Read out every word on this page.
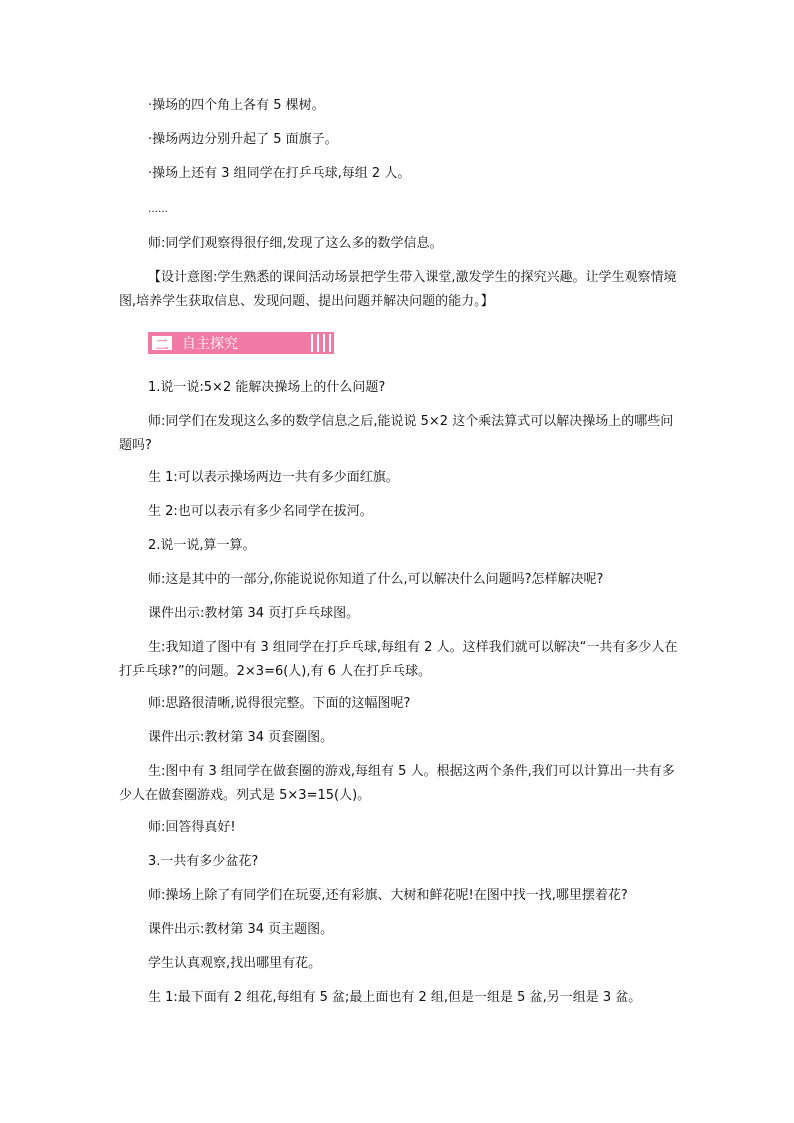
·操场的四个角上各有 5 棵树。

·操场两边分别升起了 5 面旗子。

·操场上还有 3 组同学在打乒乓球,每组 2 人。

……

师:同学们观察得很仔细,发现了这么多的数学信息。

【设计意图:学生熟悉的课间活动场景把学生带入课堂,激发学生的探究兴趣。让学生观察情境图,培养学生获取信息、发现问题、提出问题并解决问题的能力。】

二 自主探究

1.说一说:5×2 能解决操场上的什么问题?

师:同学们在发现这么多的数学信息之后,能说说 5×2 这个乘法算式可以解决操场上的哪些问题吗?

生 1:可以表示操场两边一共有多少面红旗。

生 2:也可以表示有多少名同学在拔河。

2.说一说,算一算。

师:这是其中的一部分,你能说说你知道了什么,可以解决什么问题吗?怎样解决呢?

课件出示:教材第 34 页打乒乓球图。

生:我知道了图中有 3 组同学在打乒乓球,每组有 2 人。这样我们就可以解决“一共有多少人在打乒乓球?”的问题。2×3=6(人),有 6 人在打乒乓球。

师:思路很清晰,说得很完整。下面的这幅图呢?

课件出示:教材第 34 页套圈图。

生:图中有 3 组同学在做套圈的游戏,每组有 5 人。根据这两个条件,我们可以计算出一共有多少人在做套圈游戏。列式是 5×3=15(人)。

师:回答得真好!

3.一共有多少盆花?

师:操场上除了有同学们在玩耍,还有彩旗、大树和鲜花呢!在图中找一找,哪里摆着花?

课件出示:教材第 34 页主题图。

学生认真观察,找出哪里有花。

生 1:最下面有 2 组花,每组有 5 盆;最上面也有 2 组,但是一组是 5 盆,另一组是 3 盆。
